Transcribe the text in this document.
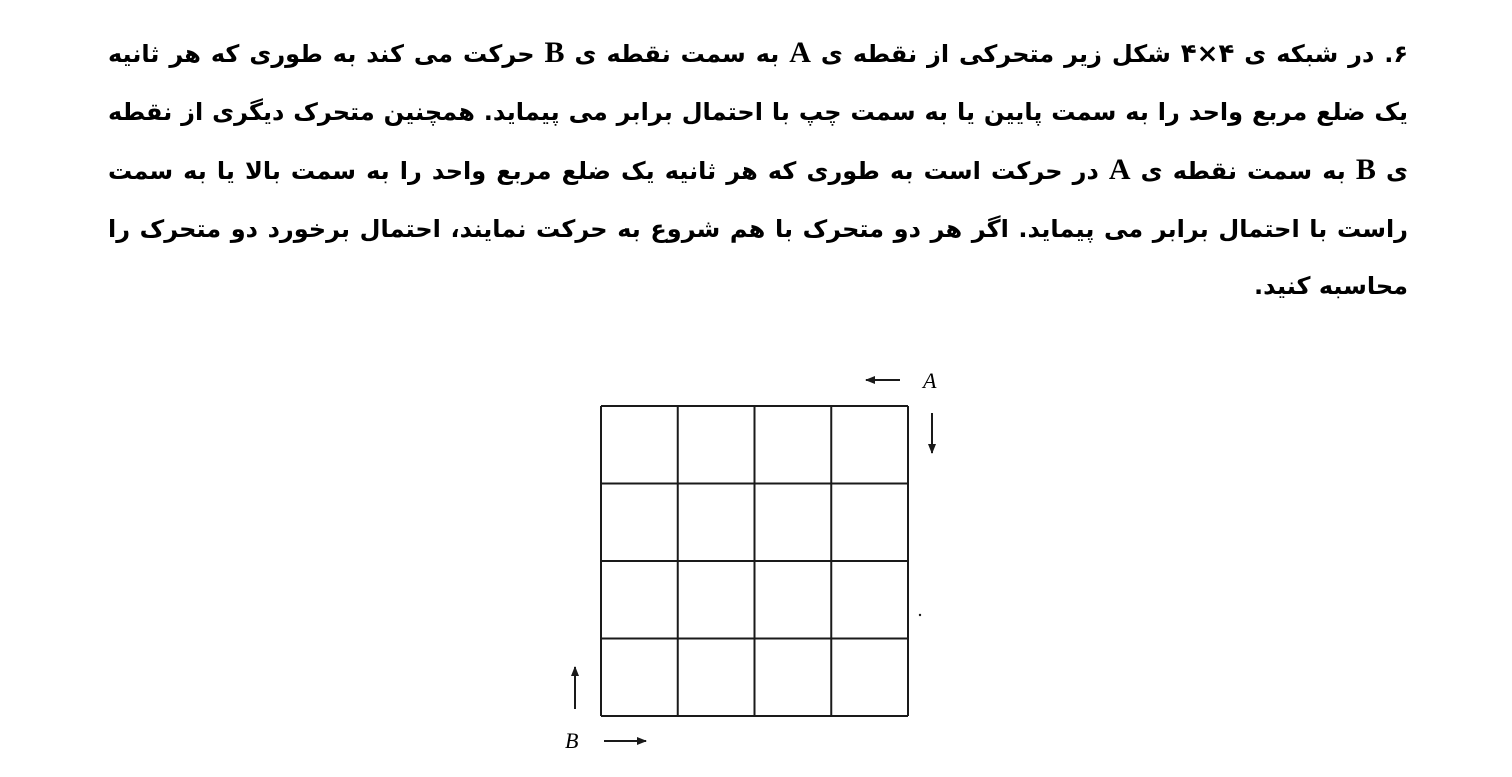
۶. در شبکه ی ۴×۴ شکل زیر متحرکی از نقطه ی A به سمت نقطه ی B حرکت می کند به طوری که هر ثانیه یک ضلع مربع واحد را به سمت پایین یا به سمت چپ با احتمال برابر می پیماید. همچنین متحرک دیگری از نقطه ی B به سمت نقطه ی A در حرکت است به طوری که هر ثانیه یک ضلع مربع واحد را به سمت بالا یا به سمت راست با احتمال برابر می پیماید. اگر هر دو متحرک با هم شروع به حرکت نمایند، احتمال برخورد دو متحرک را محاسبه کنید.
A
B
